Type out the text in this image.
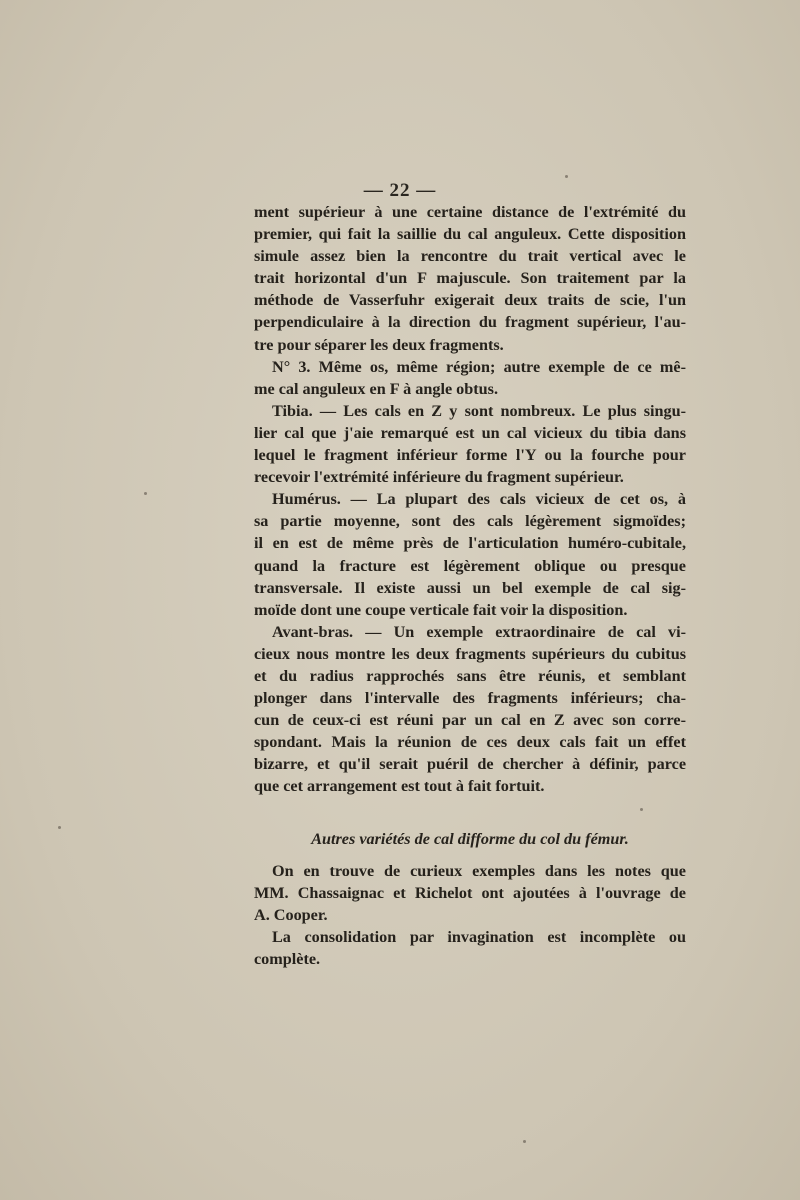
— 22 —
ment supérieur à une certaine distance de l'extrémité du
premier, qui fait la saillie du cal anguleux. Cette disposition
simule assez bien la rencontre du trait vertical avec le
trait horizontal d'un F majuscule. Son traitement par la
méthode de Vasserfuhr exigerait deux traits de scie, l'un
perpendiculaire à la direction du fragment supérieur, l'au-
tre pour séparer les deux fragments.
N° 3. Même os, même région; autre exemple de ce mê-
me cal anguleux en F à angle obtus.
Tibia. — Les cals en Z y sont nombreux. Le plus singu-
lier cal que j'aie remarqué est un cal vicieux du tibia dans
lequel le fragment inférieur forme l'Y ou la fourche pour
recevoir l'extrémité inférieure du fragment supérieur.
Humérus. — La plupart des cals vicieux de cet os, à
sa partie moyenne, sont des cals légèrement sigmoïdes;
il en est de même près de l'articulation huméro-cubitale,
quand la fracture est légèrement oblique ou presque
transversale. Il existe aussi un bel exemple de cal sig-
moïde dont une coupe verticale fait voir la disposition.
Avant-bras. — Un exemple extraordinaire de cal vi-
cieux nous montre les deux fragments supérieurs du cubitus
et du radius rapprochés sans être réunis, et semblant
plonger dans l'intervalle des fragments inférieurs; cha-
cun de ceux-ci est réuni par un cal en Z avec son corre-
spondant. Mais la réunion de ces deux cals fait un effet
bizarre, et qu'il serait puéril de chercher à définir, parce
que cet arrangement est tout à fait fortuit.
Autres variétés de cal difforme du col du fémur.
On en trouve de curieux exemples dans les notes que
MM. Chassaignac et Richelot ont ajoutées à l'ouvrage de
A. Cooper.
La consolidation par invagination est incomplète ou
complète.
